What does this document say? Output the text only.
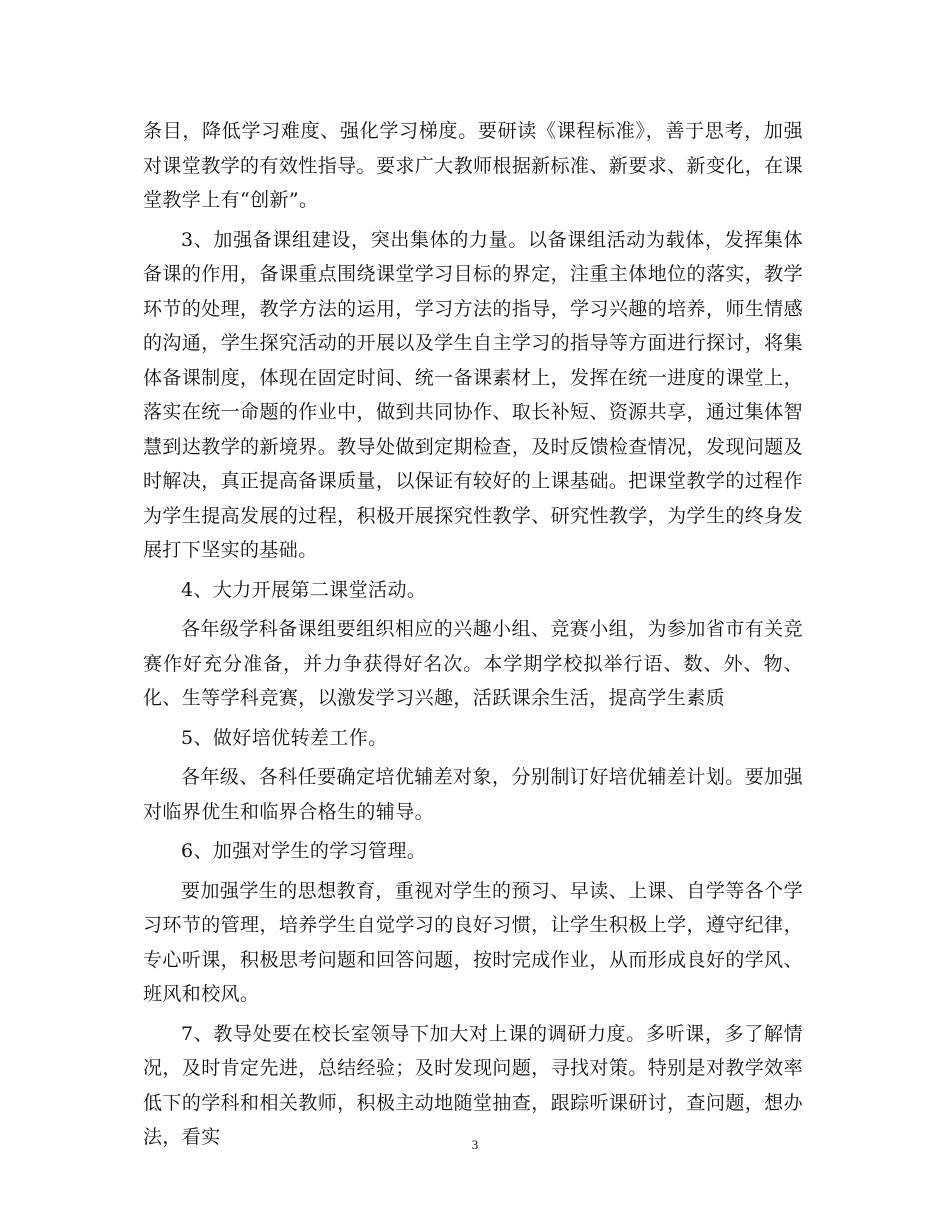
条目，降低学习难度、强化学习梯度。要研读《课程标准》，善于思考，加强对课堂教学的有效性指导。要求广大教师根据新标准、新要求、新变化，在课堂教学上有“创新”。

3、加强备课组建设，突出集体的力量。以备课组活动为载体，发挥集体备课的作用，备课重点围绕课堂学习目标的界定，注重主体地位的落实，教学环节的处理，教学方法的运用，学习方法的指导，学习兴趣的培养，师生情感的沟通，学生探究活动的开展以及学生自主学习的指导等方面进行探讨，将集体备课制度，体现在固定时间、统一备课素材上，发挥在统一进度的课堂上，落实在统一命题的作业中，做到共同协作、取长补短、资源共享，通过集体智慧到达教学的新境界。教导处做到定期检查，及时反馈检查情况，发现问题及时解决，真正提高备课质量，以保证有较好的上课基础。把课堂教学的过程作为学生提高发展的过程，积极开展探究性教学、研究性教学，为学生的终身发展打下坚实的基础。

4、大力开展第二课堂活动。

各年级学科备课组要组织相应的兴趣小组、竞赛小组，为参加省市有关竞赛作好充分准备，并力争获得好名次。本学期学校拟举行语、数、外、物、化、生等学科竞赛，以激发学习兴趣，活跃课余生活，提高学生素质

5、做好培优转差工作。

各年级、各科任要确定培优辅差对象，分别制订好培优辅差计划。要加强对临界优生和临界合格生的辅导。

6、加强对学生的学习管理。

要加强学生的思想教育，重视对学生的预习、早读、上课、自学等各个学习环节的管理，培养学生自觉学习的良好习惯，让学生积极上学，遵守纪律，专心听课，积极思考问题和回答问题，按时完成作业，从而形成良好的学风、班风和校风。

7、教导处要在校长室领导下加大对上课的调研力度。多听课，多了解情况，及时肯定先进，总结经验；及时发现问题，寻找对策。特别是对教学效率低下的学科和相关教师，积极主动地随堂抽查，跟踪听课研讨，查问题，想办法，看实	3
